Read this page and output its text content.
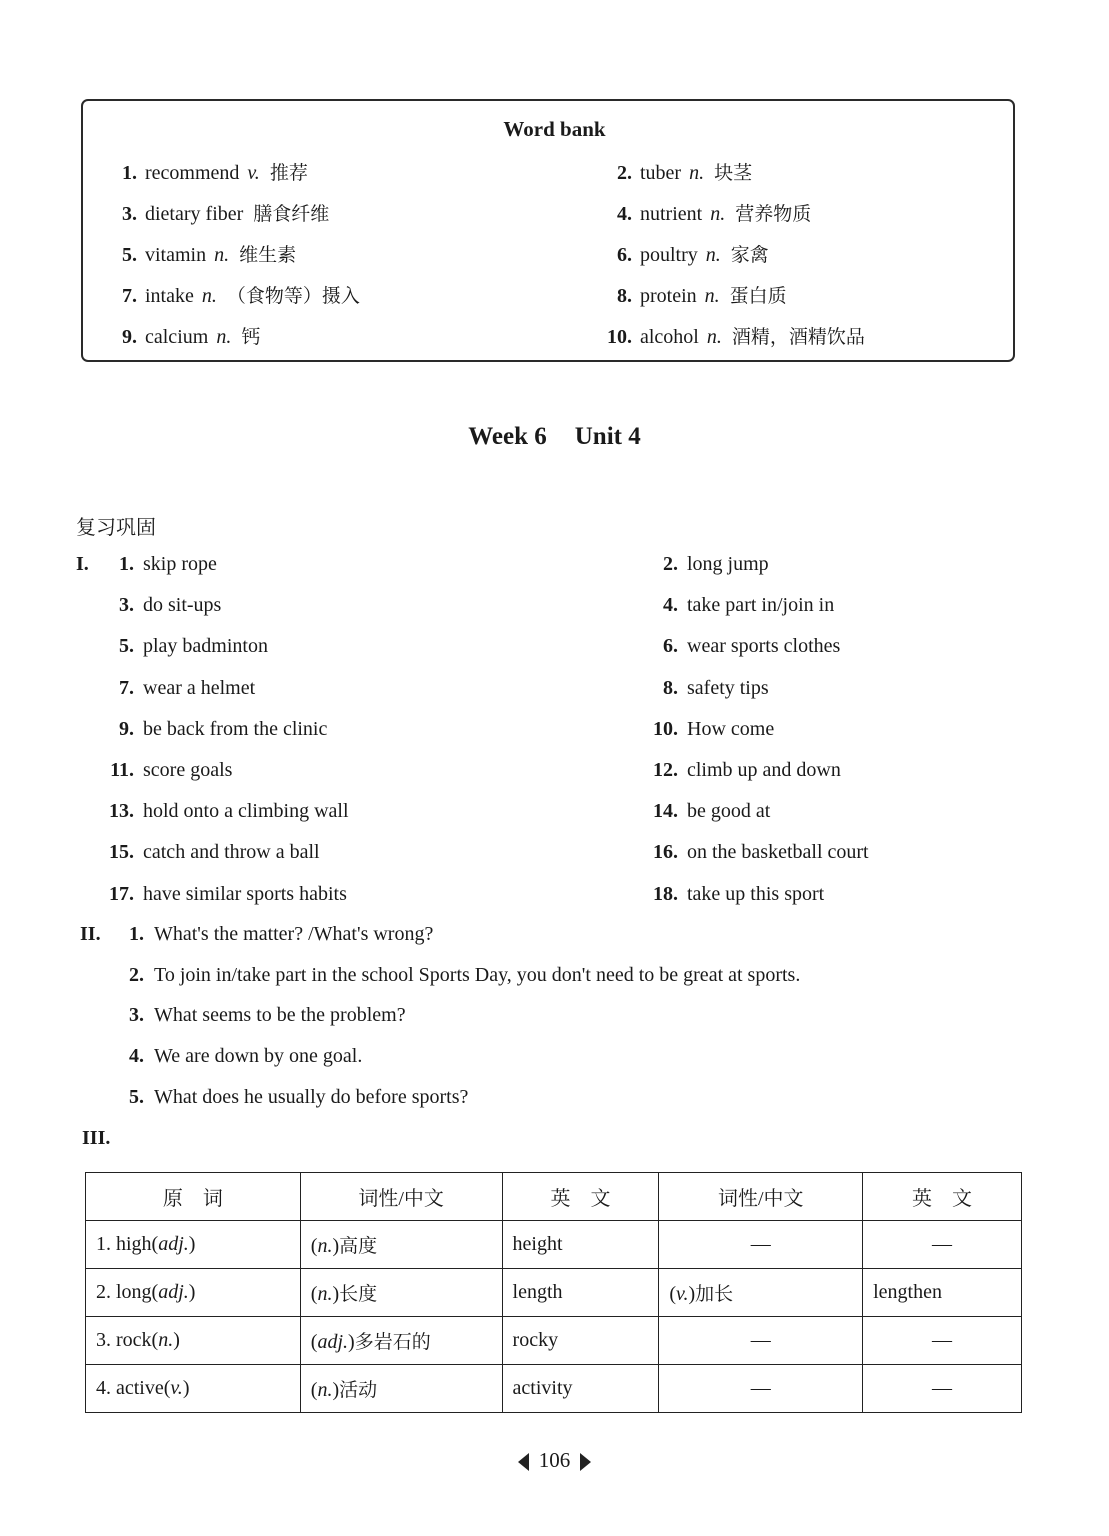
Word bank
1. recommend v. 推荐	2. tuber n. 块茎
3. dietary fiber 膳食纤维	4. nutrient n. 营养物质
5. vitamin n. 维生素	6. poultry n. 家禽
7. intake n. （食物等）摄入	8. protein n. 蛋白质
9. calcium n. 钙	10. alcohol n. 酒精，酒精饮品
Week 6 Unit 4
复习巩固
I.	1. skip rope	2. long jump
3. do sit-ups	4. take part in/join in
5. play badminton	6. wear sports clothes
7. wear a helmet	8. safety tips
9. be back from the clinic	10. How come
11. score goals	12. climb up and down
13. hold onto a climbing wall	14. be good at
15. catch and throw a ball	16. on the basketball court
17. have similar sports habits	18. take up this sport
II.	1. What's the matter? /What's wrong?
2. To join in/take part in the school Sports Day, you don't need to be great at sports.
3. What seems to be the problem?
4. We are down by one goal.
5. What does he usually do before sports?
III.
原　词	词性/中文	英　文	词性/中文	英　文
1. high(adj.)	(n.)高度	height	—	—
2. long(adj.)	(n.)长度	length	(v.)加长	lengthen
3. rock(n.)	(adj.)多岩石的	rocky	—	—
4. active(v.)	(n.)活动	activity	—	—
106
